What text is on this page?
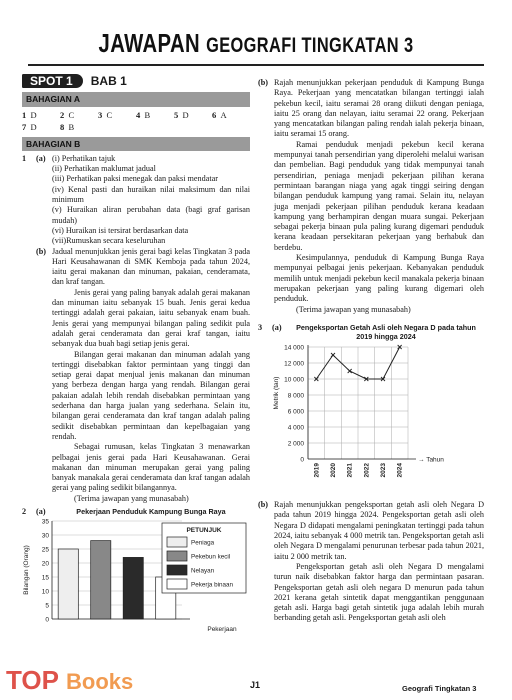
JAWAPAN GEOGRAFI TINGKATAN 3
SPOT 1 BAB 1
BAHAGIAN A
1 D	2 C	3 C	4 B	5 D	6 A
7 D	8 B
BAHAGIAN B
1	(a) (i) Perhatikan tajuk

(ii) Perhatikan maklumat jadual

(iii) Perhatikan paksi menegak dan paksi mendatar

(iv) Kenal pasti dan huraikan nilai maksimum dan nilai minimum

(v) Huraikan aliran perubahan data (bagi graf garisan mudah)

(vi) Huraikan isi tersirat berdasarkan data

(vii)Rumuskan secara keseluruhan

(b) Jadual menunjukkan jenis gerai bagi kelas Tingkatan 3 pada Hari Keusahawanan di SMK Kemboja pada tahun 2024, iaitu gerai makanan dan minuman, pakaian, cenderamata, dan kraf tangan.

Jenis gerai yang paling banyak adalah gerai makanan dan minuman iaitu sebanyak 15 buah. Jenis gerai kedua tertinggi adalah gerai pakaian, iaitu sebanyak enam buah. Jenis gerai yang mempunyai bilangan paling sedikit pula adalah gerai cenderamata dan gerai kraf tangan, iaitu sebanyak dua buah bagi setiap jenis gerai.

Bilangan gerai makanan dan minuman adalah yang tertinggi disebabkan faktor permintaan yang tinggi dan setiap gerai dapat menjual jenis makanan dan minuman yang berbeza dengan harga yang rendah. Bilangan gerai pakaian adalah lebih rendah disebabkan permintaan yang sederhana dan harga jualan yang sederhana. Selain itu, bilangan gerai cenderamata dan kraf tangan adalah paling sedikit disebabkan permintaan dan kepelbagaian yang rendah.

Sebagai rumusan, kelas Tingkatan 3 menawarkan pelbagai jenis gerai pada Hari Keusahawanan. Gerai makanan dan minuman merupakan gerai yang paling banyak manakala gerai cenderamata dan kraf tangan adalah gerai yang paling sedikit bilangannya.

(Terima jawapan yang munasabah)

2	(a)	Pekerjaan Penduduk Kampung Bunga Raya
0
5
10
15
20
25
30
35
Bilangan (Orang)
Pekerjaan
PETUNJUK
Peniaga
Pekebun kecil
Nelayan
Pekerja binaan
(b) Rajah menunjukkan pekerjaan penduduk di Kampung Bunga Raya. Pekerjaan yang mencatatkan bilangan tertinggi ialah pekebun kecil, iaitu seramai 28 orang diikuti dengan peniaga, iaitu 25 orang dan nelayan, iaitu seramai 22 orang. Pekerjaan yang mencatatkan bilangan paling rendah ialah pekerja binaan, iaitu seramai 15 orang.

Ramai penduduk menjadi pekebun kecil kerana mempunyai tanah persendirian yang diperolehi melalui warisan dan pembelian. Bagi penduduk yang tidak mempunyai tanah persendirian, peniaga menjadi pekerjaan pilihan kerana permintaan barangan niaga yang agak tinggi seiring dengan bilangan penduduk kampung yang ramai. Selain itu, nelayan juga menjadi pekerjaan pilihan penduduk kerana keadaan kampung yang berhampiran dengan muara sungai. Pekerjaan sebagai pekerja binaan pula paling kurang digemari penduduk kerana keadaan persekitaran pekerjaan yang berhabuk dan berdebu.

Kesimpulannya, penduduk di Kampung Bunga Raya mempunyai pelbagai jenis pekerjaan. Kebanyakan penduduk memilih untuk menjadi pekebun kecil manakala pekerja binaan merupakan pekerjaan yang paling kurang digemari oleh penduduk.

(Terima jawapan yang munasabah)

3	(a)	Pengeksportan Getah Asli oleh Negara D pada tahun 2019 hingga 2024
0
2 000
4 000
6 000
8 000
10 000
12 000
14 000
→ Tahun
Metrik (tan)
2019 2020 2021 2022 2023 2024
(b) Rajah menunjukkan pengeksportan getah asli oleh Negara D pada tahun 2019 hingga 2024. Pengeksportan getah asli oleh Negara D didapati mengalami peningkatan tertinggi pada tahun 2024, iaitu sebanyak 4 000 metrik tan. Pengeksportan getah asli oleh Negara D mengalami penurunan terbesar pada tahun 2021, iaitu 2 000 metrik tan.

Pengeksportan getah asli oleh Negara D mengalami turun naik disebabkan faktor harga dan permintaan pasaran. Pengeksportan getah asli oleh negara D menurun pada tahun 2021 kerana getah sintetik dapat menggantikan penggunaan getah asli. Harga bagi getah sintetik juga adalah lebih murah berbanding getah asli. Pengeksportan getah asli oleh

J1	Geografi Tingkatan 3
TOP Books
